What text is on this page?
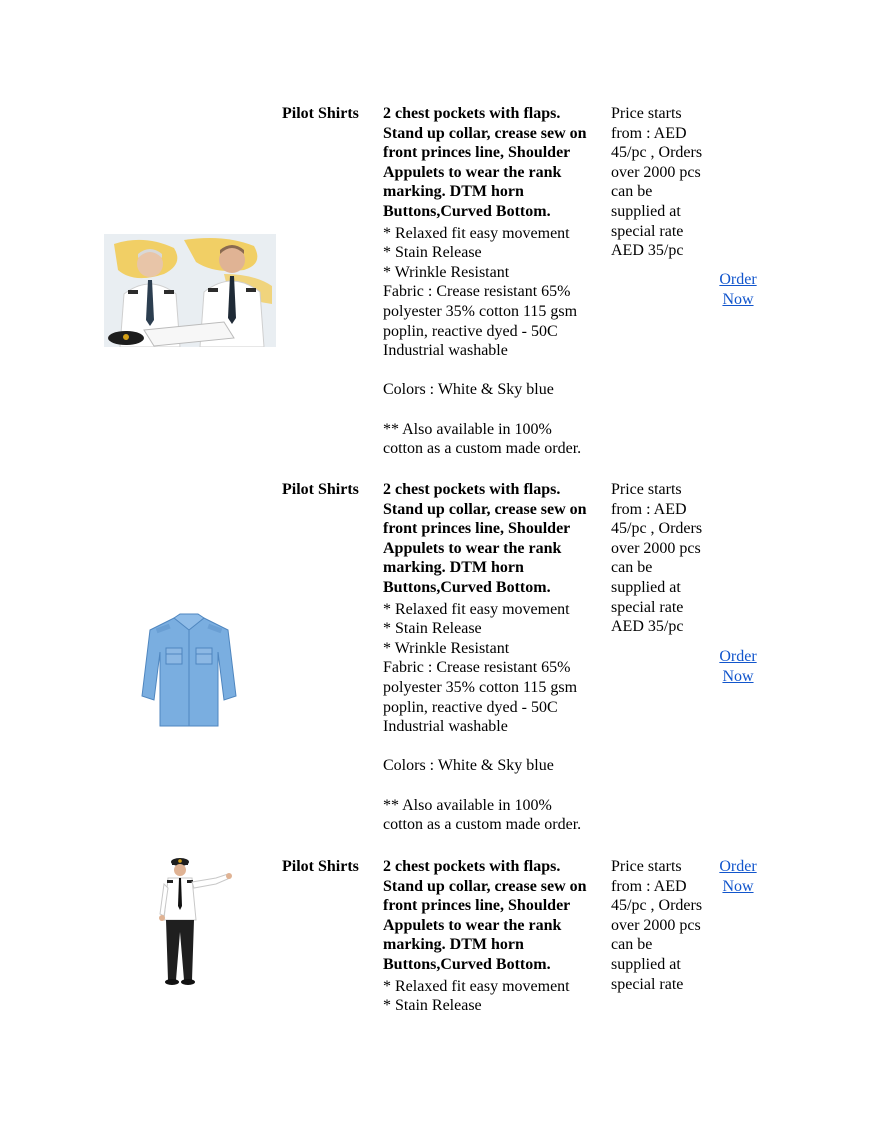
Pilot Shirts 2 chest pockets with flaps.
Stand up collar, crease sew on
front princes line, Shoulder
Appulets to wear the rank
marking. DTM horn
Buttons,Curved Bottom.
* Relaxed fit easy movement
* Stain Release
* Wrinkle Resistant
Fabric : Crease resistant 65%
polyester 35% cotton 115 gsm
poplin, reactive dyed - 50C
Industrial washable
Colors : White & Sky blue
** Also available in 100%
cotton as a custom made order.
Price starts
from : AED
45/pc , Orders
over 2000 pcs
can be
supplied at
special rate
AED 35/pc
Order
Now
Pilot Shirts 2 chest pockets with flaps.
Stand up collar, crease sew on
front princes line, Shoulder
Appulets to wear the rank
marking. DTM horn
Buttons,Curved Bottom.
* Relaxed fit easy movement
* Stain Release
* Wrinkle Resistant
Fabric : Crease resistant 65%
polyester 35% cotton 115 gsm
poplin, reactive dyed - 50C
Industrial washable
Colors : White & Sky blue
** Also available in 100%
cotton as a custom made order.
Price starts
from : AED
45/pc , Orders
over 2000 pcs
can be
supplied at
special rate
AED 35/pc
Order
Now
Pilot Shirts 2 chest pockets with flaps.
Stand up collar, crease sew on
front princes line, Shoulder
Appulets to wear the rank
marking. DTM horn
Buttons,Curved Bottom.
* Relaxed fit easy movement
* Stain Release
Price starts
from : AED
45/pc , Orders
over 2000 pcs
can be
supplied at
special rate
Order
Now
